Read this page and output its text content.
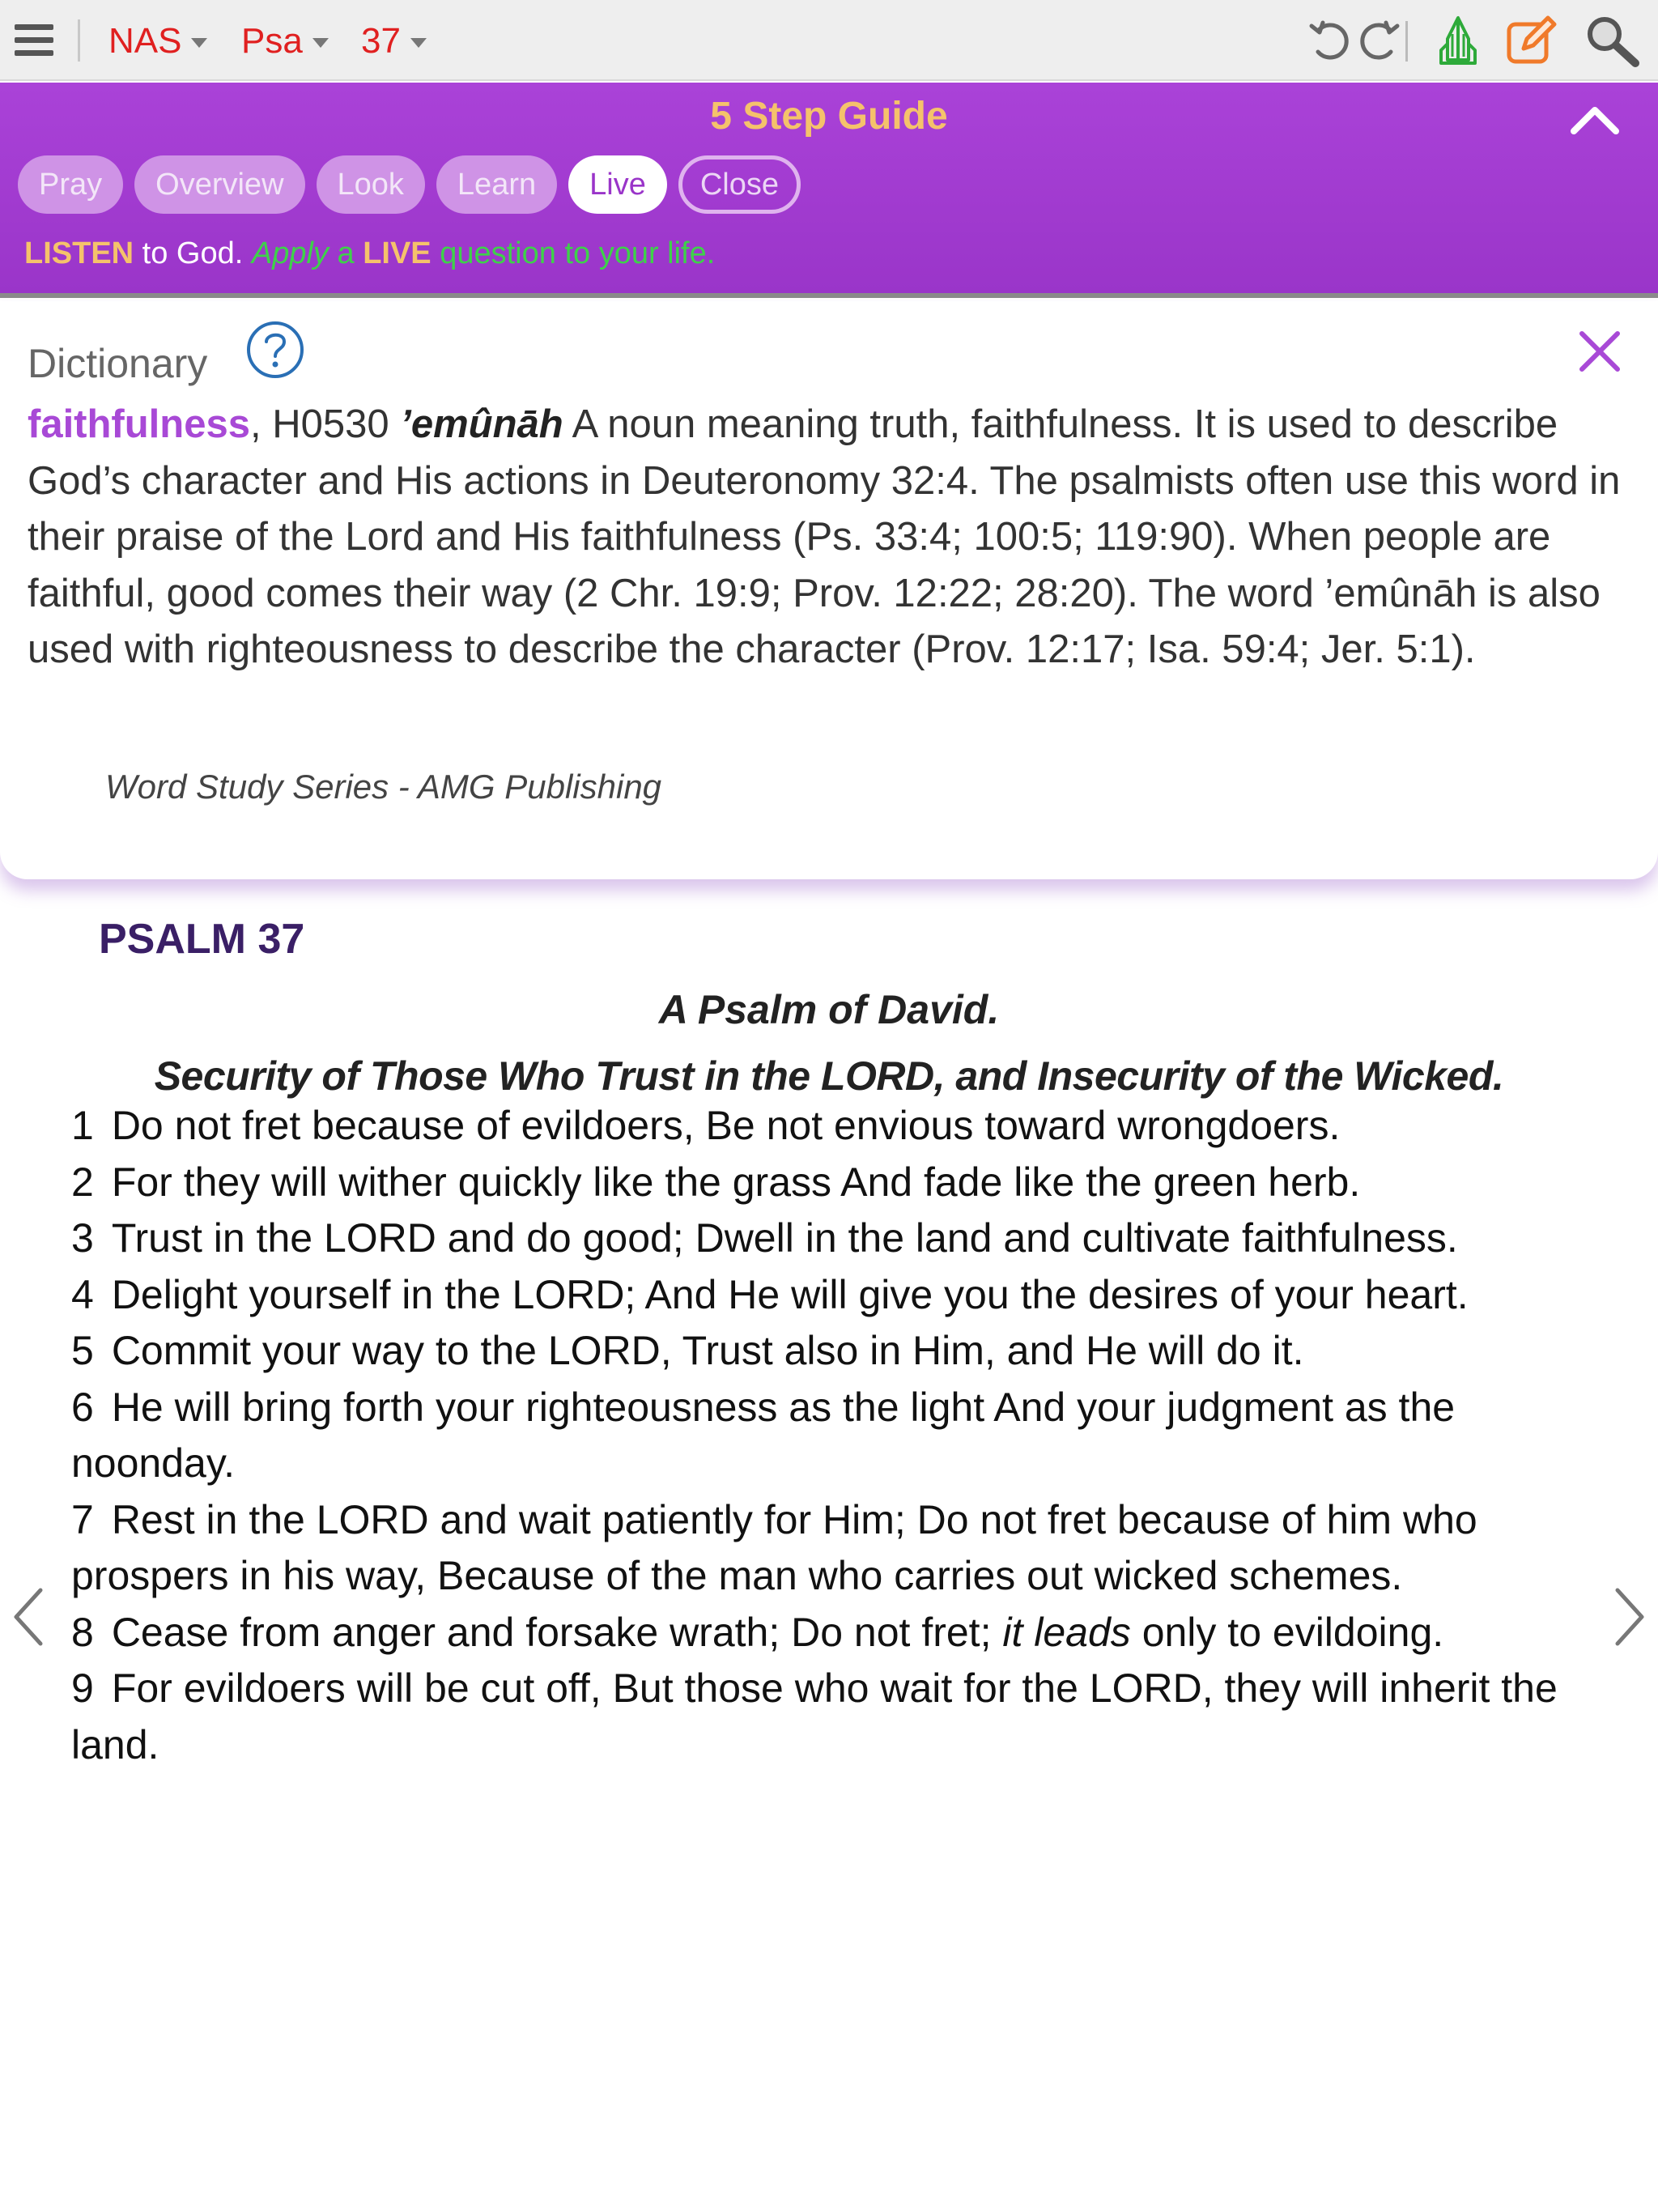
NAS	Psa	37
5 Step Guide
Pray	Overview	Look	Learn	Live	Close
LISTEN to God. Apply a LIVE question to your life.
Dictionary
faithfulness, H0530 ’emûnāh A noun meaning truth, faithfulness. It is used to describe God’s character and His actions in Deuteronomy 32:4. The psalmists often use this word in their praise of the Lord and His faithfulness (Ps. 33:4; 100:5; 119:90). When people are faithful, good comes their way (2 Chr. 19:9; Prov. 12:22; 28:20). The word ’emûnāh is also used with righteousness to describe the character (Prov. 12:17; Isa. 59:4; Jer. 5:1).
Word Study Series - AMG Publishing
PSALM 37
A Psalm of David.
Security of Those Who Trust in the LORD, and Insecurity of the Wicked.
1 Do not fret because of evildoers, Be not envious toward wrongdoers.
2 For they will wither quickly like the grass And fade like the green herb.
3 Trust in the LORD and do good; Dwell in the land and cultivate faithfulness.
4 Delight yourself in the LORD; And He will give you the desires of your heart.
5 Commit your way to the LORD, Trust also in Him, and He will do it.
6 He will bring forth your righteousness as the light And your judgment as the noonday.
7 Rest in the LORD and wait patiently for Him; Do not fret because of him who prospers in his way, Because of the man who carries out wicked schemes.
8 Cease from anger and forsake wrath; Do not fret; it leads only to evildoing.
9 For evildoers will be cut off, But those who wait for the LORD, they will inherit the land.
